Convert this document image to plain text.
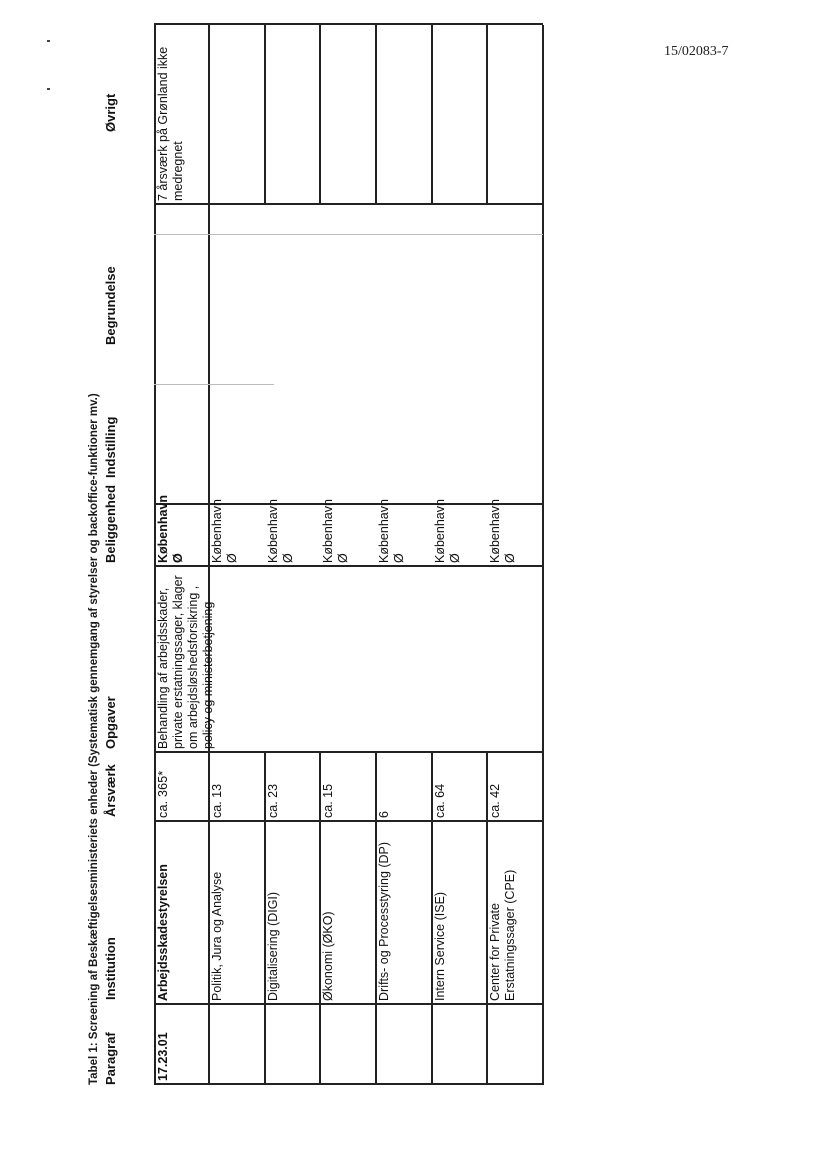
15/02083-7
Tabel 1: Screening af Beskæftigelsesministeriets enheder (Systematisk gennemgang af styrelser og backoffice-funktioner mv.) Paragraf
Institution
Årsværk
Opgaver
Beliggenhed
Indstilling
Begrundelse
Øvrigt
17.23.01
Arbejdsskadestyrelsen
ca. 365*
Behandling af arbejdsskader, private erstatningssager, klager om arbejdsløshedsforsikring , policy og ministerbetjening
København Ø
7 årsværk på Grønland ikke medregnet
Politik, Jura og Analyse
ca. 13
København Ø
Digitalisering (DIGI)
ca. 23
København Ø
Økonomi (ØKO)
ca. 15
København Ø
Drifts- og Processtyring (DP)
6
København Ø
Intern Service (ISE)
ca. 64
København Ø
Center for Private Erstatningssager (CPE)
ca. 42
København Ø
